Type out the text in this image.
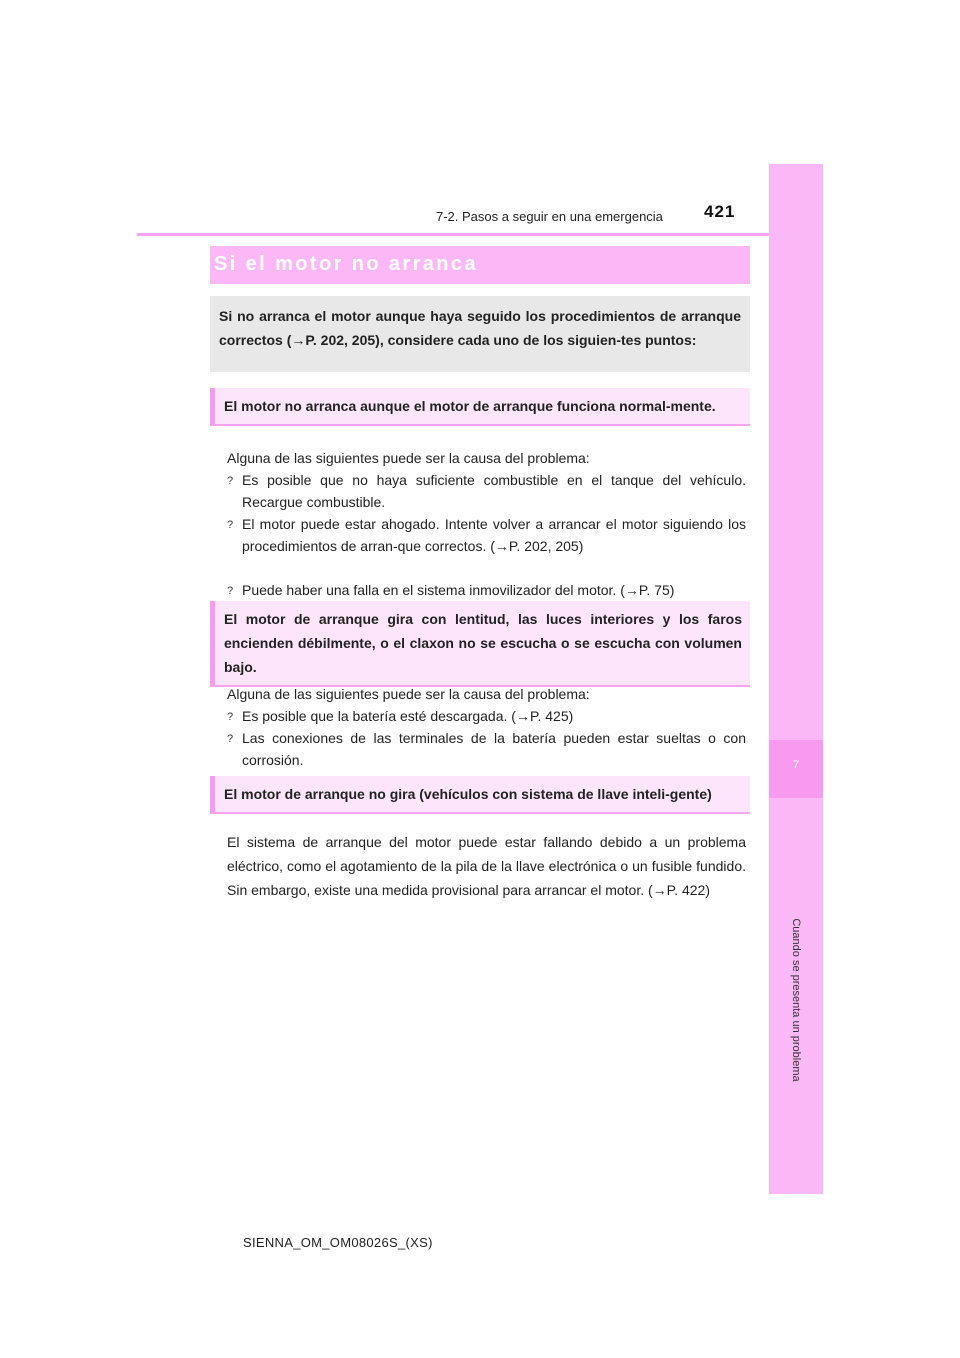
421
7-2. Pasos a seguir en una emergencia
7
Cuando se presenta un problema
Si el motor no arranca
Si no arranca el motor aunque haya seguido los procedimientos de arranque correctos (→P. 202, 205), considere cada uno de los siguien-tes puntos:
El motor no arranca aunque el motor de arranque funciona normal-mente.
Alguna de las siguientes puede ser la causa del problema:
? Es posible que no haya suficiente combustible en el tanque del vehículo. Recargue combustible.
? El motor puede estar ahogado. Intente volver a arrancar el motor siguiendo los procedimientos de arran-que correctos. (→P. 202, 205)
? Puede haber una falla en el sistema inmovilizador del motor. (→P. 75)
El motor de arranque gira con lentitud, las luces interiores y los faros encienden débilmente, o el claxon no se escucha o se escucha con volumen bajo.
Alguna de las siguientes puede ser la causa del problema:
? Es posible que la batería esté descargada. (→P. 425)
? Las conexiones de las terminales de la batería pueden estar sueltas o con corrosión.
El motor de arranque no gira (vehículos con sistema de llave inteli-gente)
El sistema de arranque del motor puede estar fallando debido a un problema eléctrico, como el agotamiento de la pila de la llave electrónica o un fusible fundido. Sin embargo, existe una medida provisional para arrancar el motor. (→P. 422)
SIENNA_OM_OM08026S_(XS)
